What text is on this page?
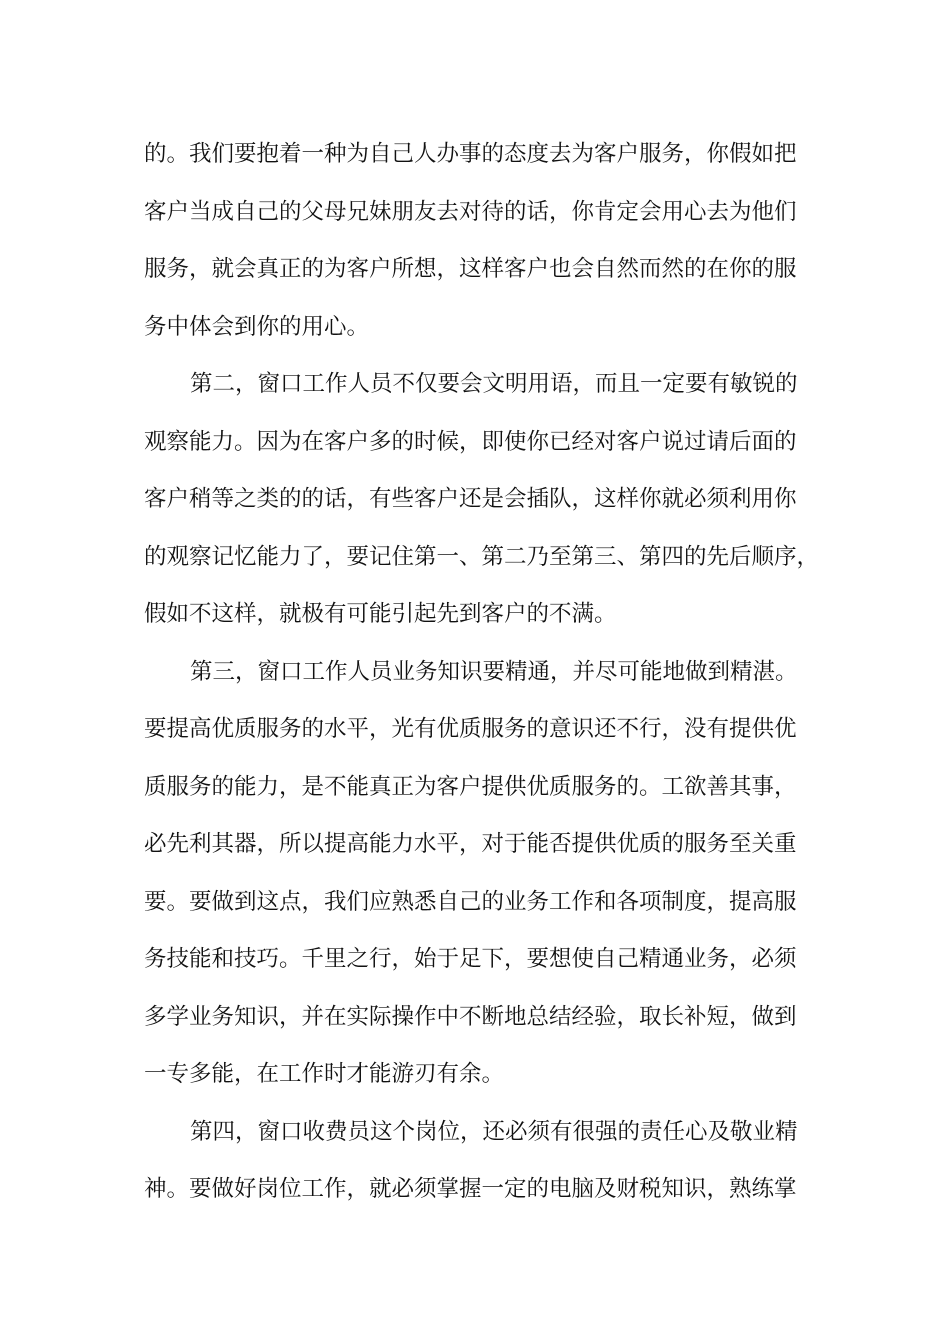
的。我们要抱着一种为自己人办事的态度去为客户服务，你假如把
客户当成自己的父母兄妹朋友去对待的话，你肯定会用心去为他们
服务，就会真正的为客户所想，这样客户也会自然而然的在你的服
务中体会到你的用心。
第二，窗口工作人员不仅要会文明用语，而且一定要有敏锐的
观察能力。因为在客户多的时候，即使你已经对客户说过请后面的
客户稍等之类的的话，有些客户还是会插队，这样你就必须利用你
的观察记忆能力了，要记住第一、第二乃至第三、第四的先后顺序，
假如不这样，就极有可能引起先到客户的不满。
第三，窗口工作人员业务知识要精通，并尽可能地做到精湛。
要提高优质服务的水平，光有优质服务的意识还不行，没有提供优
质服务的能力，是不能真正为客户提供优质服务的。工欲善其事，
必先利其器，所以提高能力水平，对于能否提供优质的服务至关重
要。要做到这点，我们应熟悉自己的业务工作和各项制度，提高服
务技能和技巧。千里之行，始于足下，要想使自己精通业务，必须
多学业务知识，并在实际操作中不断地总结经验，取长补短，做到
一专多能，在工作时才能游刃有余。
第四，窗口收费员这个岗位，还必须有很强的责任心及敬业精
神。要做好岗位工作，就必须掌握一定的电脑及财税知识，熟练掌
